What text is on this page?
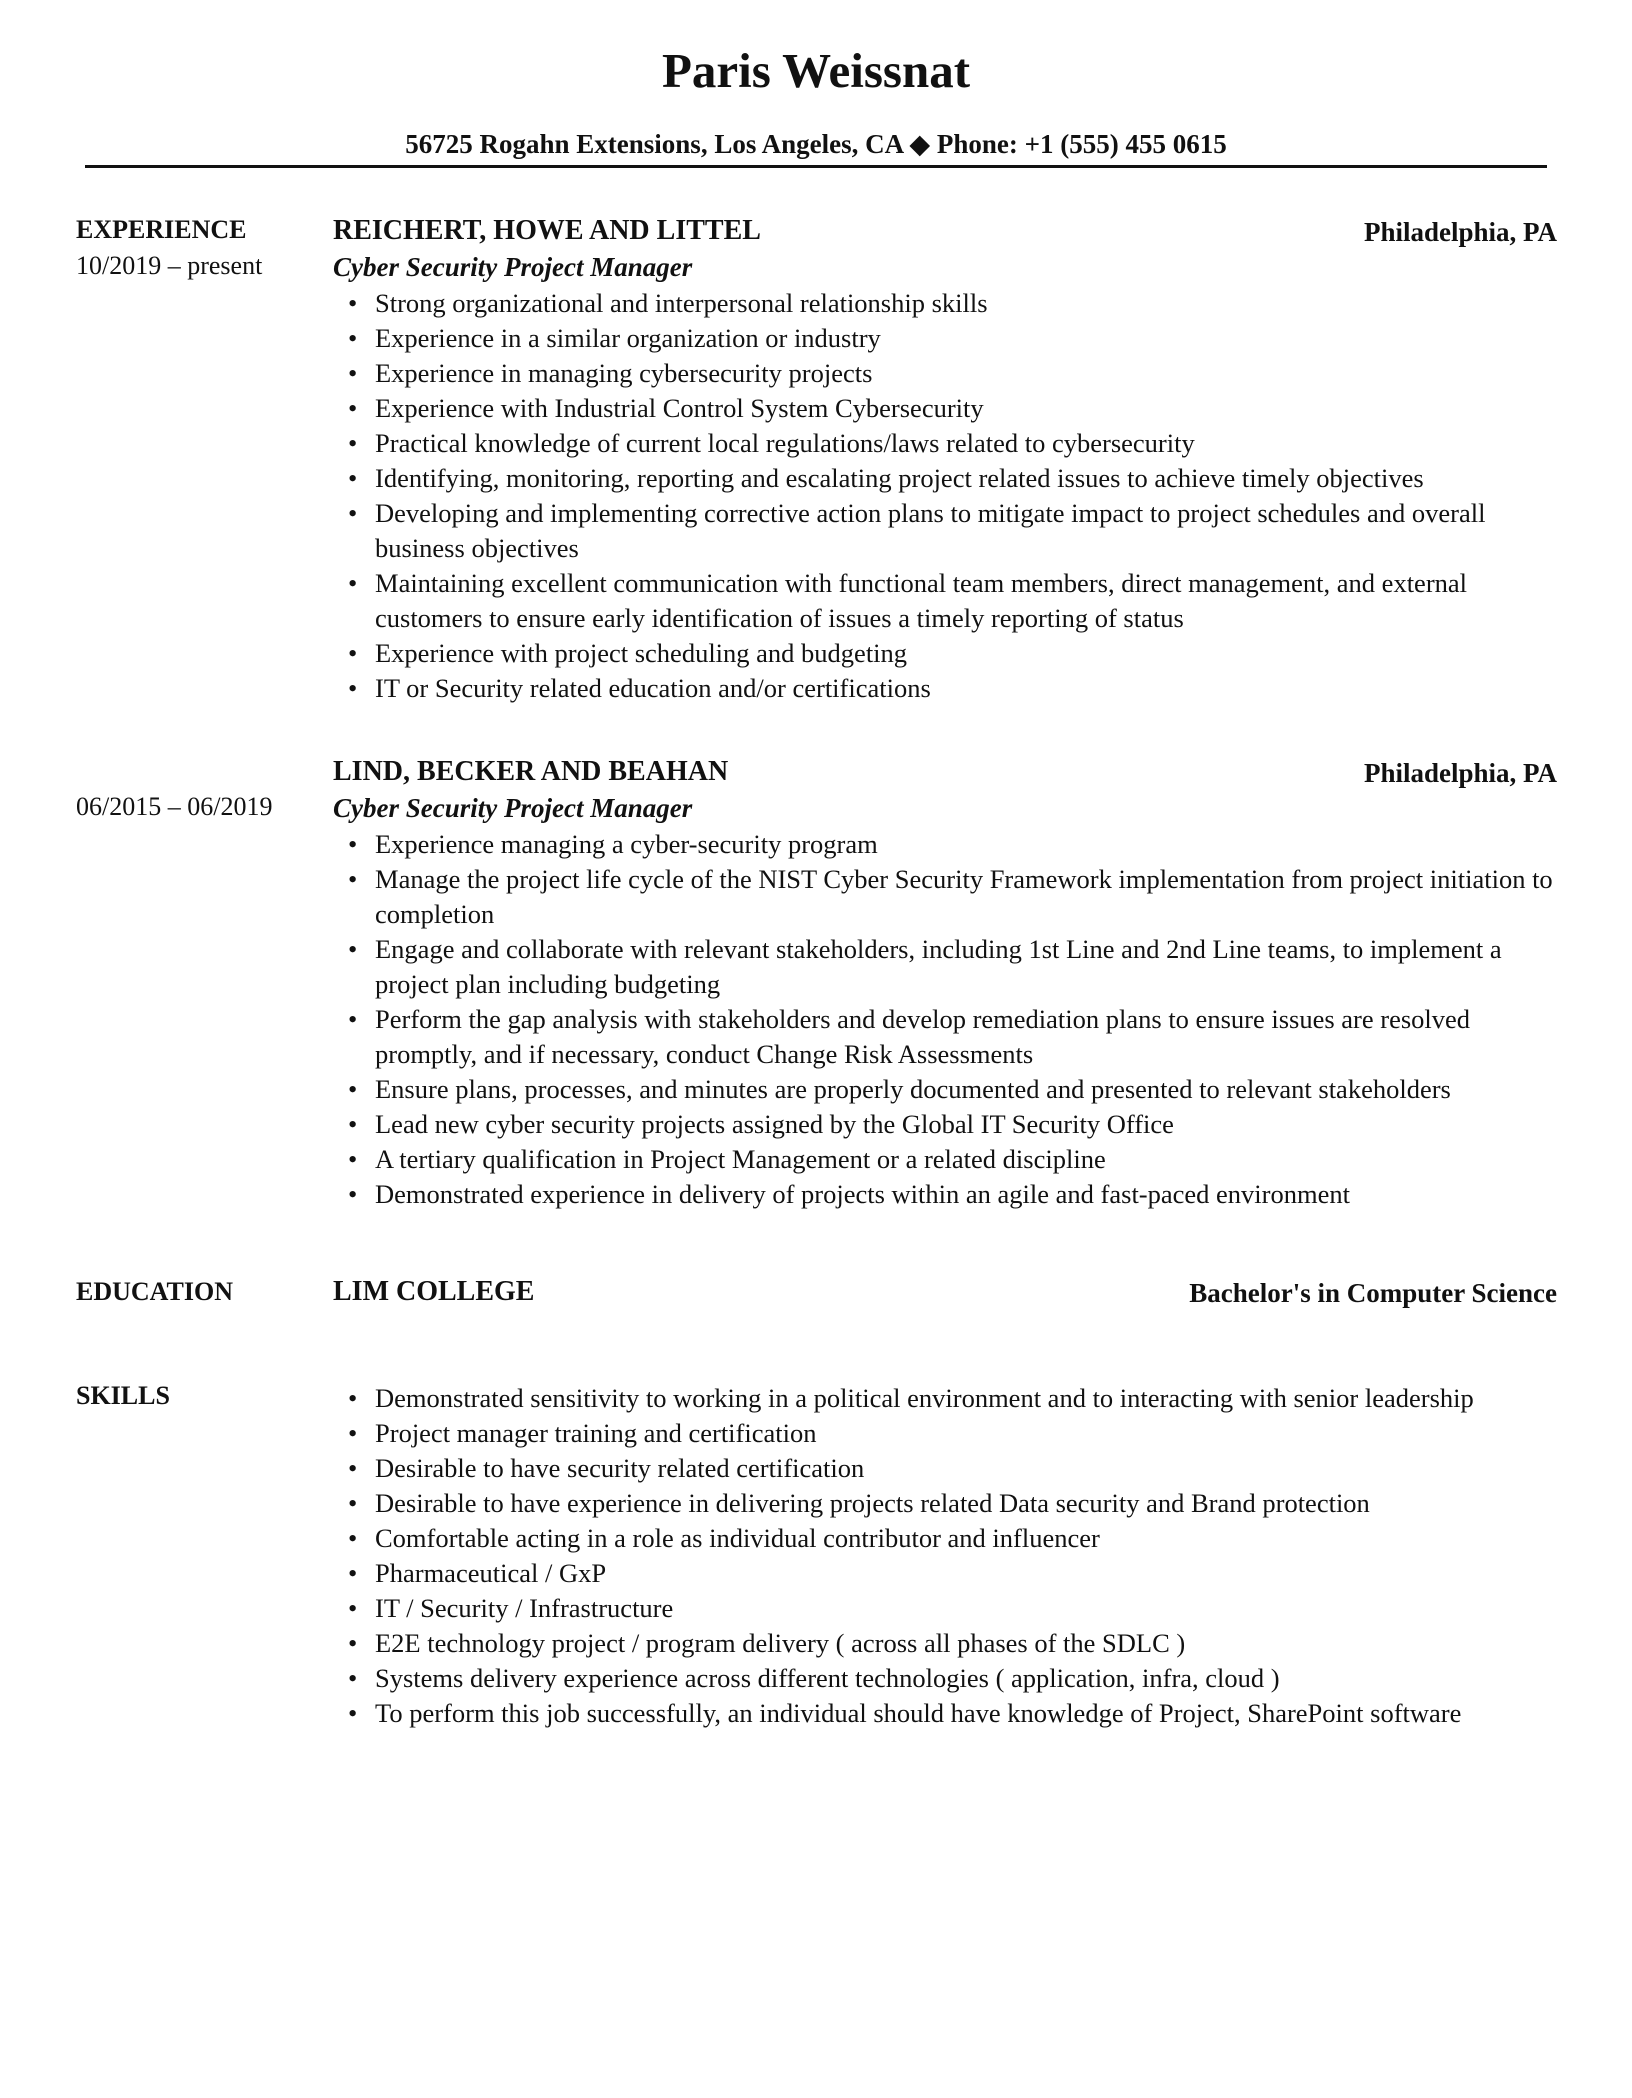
Paris Weissnat
56725 Rogahn Extensions, Los Angeles, CA ◆ Phone: +1 (555) 455 0615
EXPERIENCE	REICHERT, HOWE AND LITTEL	Philadelphia, PA
10/2019 – present	Cyber Security Project Manager
• Strong organizational and interpersonal relationship skills
• Experience in a similar organization or industry
• Experience in managing cybersecurity projects
• Experience with Industrial Control System Cybersecurity
• Practical knowledge of current local regulations/laws related to cybersecurity
• Identifying, monitoring, reporting and escalating project related issues to achieve timely objectives
• Developing and implementing corrective action plans to mitigate impact to project schedules and overall business objectives
• Maintaining excellent communication with functional team members, direct management, and external customers to ensure early identification of issues a timely reporting of status
• Experience with project scheduling and budgeting
• IT or Security related education and/or certifications
LIND, BECKER AND BEAHAN	Philadelphia, PA
06/2015 – 06/2019 Cyber Security Project Manager
• Experience managing a cyber-security program
• Manage the project life cycle of the NIST Cyber Security Framework implementation from project initiation to completion
• Engage and collaborate with relevant stakeholders, including 1st Line and 2nd Line teams, to implement a project plan including budgeting
• Perform the gap analysis with stakeholders and develop remediation plans to ensure issues are resolved promptly, and if necessary, conduct Change Risk Assessments
• Ensure plans, processes, and minutes are properly documented and presented to relevant stakeholders
• Lead new cyber security projects assigned by the Global IT Security Office
• A tertiary qualification in Project Management or a related discipline
• Demonstrated experience in delivery of projects within an agile and fast-paced environment
EDUCATION	LIM COLLEGE	Bachelor's in Computer Science
SKILLS
•	Demonstrated sensitivity to working in a political environment and to interacting with senior leadership
• Project manager training and certification
• Desirable to have security related certification
• Desirable to have experience in delivering projects related Data security and Brand protection
• Comfortable acting in a role as individual contributor and influencer
• Pharmaceutical / GxP
• IT / Security / Infrastructure
• E2E technology project / program delivery ( across all phases of the SDLC )
• Systems delivery experience across different technologies ( application, infra, cloud )
• To perform this job successfully, an individual should have knowledge of Project, SharePoint software
